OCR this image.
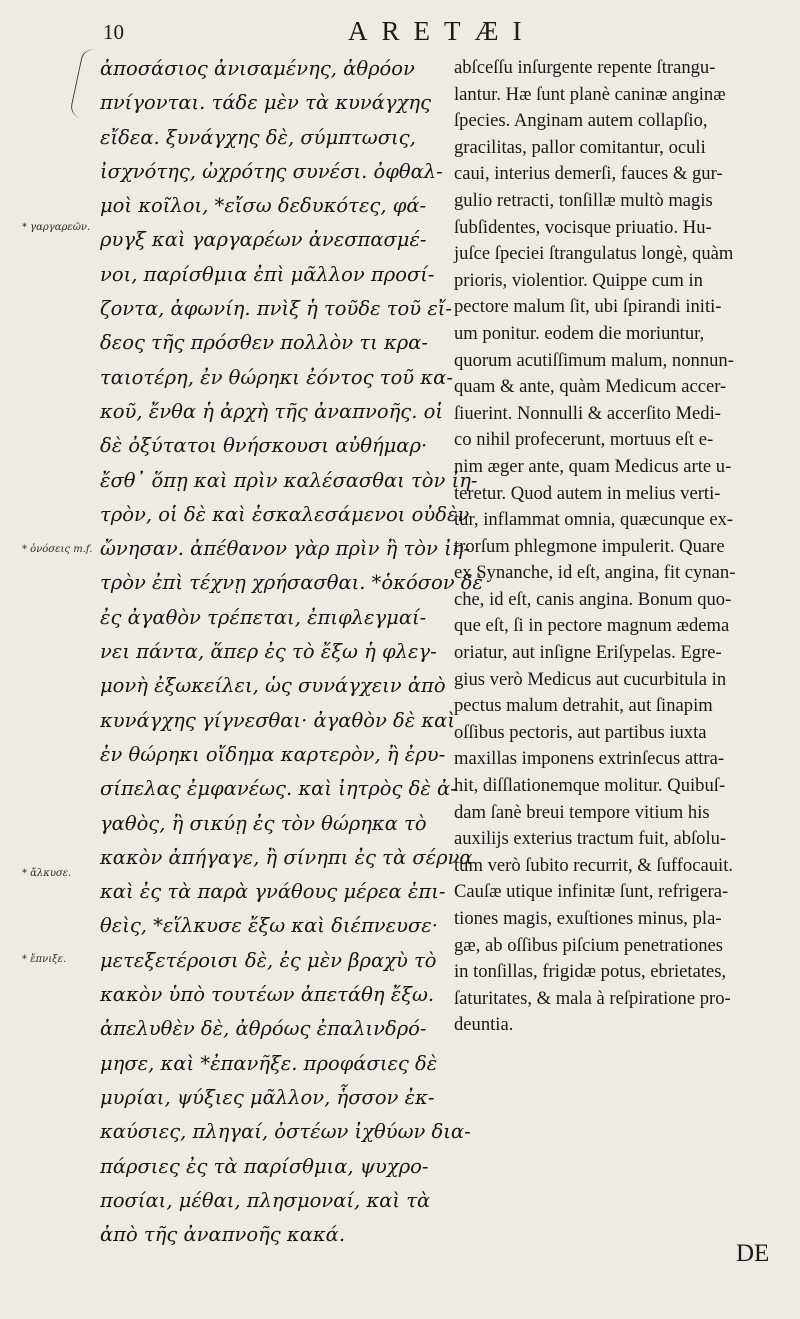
10	ARETÆI
* γαργαρεῶν.
* ὀνόσεις m.f.
* ἄλκυσε.
* ἔπνιξε.
ἀποσάσιος ἀνισαμένης, ἀθρόον
πνίγονται. τάδε μὲν τὰ κυνάγχης
εἴδεα. ξυνάγχης δὲ, σύμπτωσις,
ἰσχνότης, ὠχρότης συνέσι. ὀφθαλ-
μοὶ κοῖλοι, *εἴσω δεδυκότες, φά-
ρυγξ καὶ γαργαρέων ἀνεσπασμέ-
νοι, παρίσθμια ἐπὶ μᾶλλον προσί-
ζοντα, ἀφωνίη. πνὶξ ἡ τοῦδε τοῦ εἴ-
δεος τῆς πρόσθεν πολλὸν τι κρα-
ταιοτέρη, ἐν θώρηκι ἐόντος τοῦ κα-
κοῦ, ἔνθα ἡ ἀρχὴ τῆς ἀναπνοῆς. οἱ
δὲ ὀξύτατοι θνήσκουσι αὐθήμαρ·
ἔσθ᾽ ὅπῃ καὶ πρὶν καλέσασθαι τὸν ἰη-
τρὸν, οἱ δὲ καὶ ἐσκαλεσάμενοι οὐδὲν
ὤνησαν. ἀπέθανον γὰρ πρὶν ἢ τὸν ἰη-
τρὸν ἐπὶ τέχνῃ χρήσασθαι. *ὁκόσον δὲ
ἐς ἀγαθὸν τρέπεται, ἐπιφλεγμαί-
νει πάντα, ἅπερ ἐς τὸ ἔξω ἡ φλεγ-
μονὴ ἐξωκείλει, ὡς συνάγχειν ἀπὸ
κυνάγχης γίγνεσθαι· ἀγαθὸν δὲ καὶ
ἐν θώρηκι οἴδημα καρτερὸν, ἢ ἐρυ-
σίπελας ἐμφανέως. καὶ ἰητρὸς δὲ ἀ-
γαθὸς, ἢ σικύῃ ἐς τὸν θώρηκα τὸ
κακὸν ἀπήγαγε, ἢ σίνηπι ἐς τὰ σέρνα
καὶ ἐς τὰ παρὰ γνάθους μέρεα ἐπι-
θεὶς, *εἵλκυσε ἔξω καὶ διέπνευσε·
μετεξετέροισι δὲ, ἐς μὲν βραχὺ τὸ
κακὸν ὑπὸ τουτέων ἀπετάθη ἔξω.
ἀπελυθὲν δὲ, ἀθρόως ἐπαλινδρό-
μησε, καὶ *ἐπανῆξε. προφάσιες δὲ
μυρίαι, ψύξιες μᾶλλον, ἧσσον ἐκ-
καύσιες, πληγαί, ὀστέων ἰχθύων δια-
πάρσιες ἐς τὰ παρίσθμια, ψυχρο-
ποσίαι, μέθαι, πλησμοναί, καὶ τὰ
ἀπὸ τῆς ἀναπνοῆς κακά.
abſceſſu inſurgente repente ſtrangu-
lantur. Hæ ſunt planè caninæ anginæ
ſpecies. Anginam autem collapſio,
gracilitas, pallor comitantur, oculi
caui, interius demerſi, fauces & gur-
gulio retracti, tonſillæ multò magis
ſubſidentes, vocisque priuatio. Hu-
juſce ſpeciei ſtrangulatus longè, quàm
prioris, violentior. Quippe cum in
pectore malum ſit, ubi ſpirandi initi-
um ponitur. eodem die moriuntur,
quorum acutiſſimum malum, nonnun-
quam & ante, quàm Medicum accer-
ſiuerint. Nonnulli & accerſito Medi-
co nihil profecerunt, mortuus eſt e-
nim æger ante, quam Medicus arte u-
teretur. Quod autem in melius verti-
tur, inflammat omnia, quæcunque ex-
trorſum phlegmone impulerit. Quare
ex Synanche, id eſt, angina, fit cynan-
che, id eſt, canis angina. Bonum quo-
que eſt, ſi in pectore magnum ædema
oriatur, aut inſigne Eriſypelas. Egre-
gius verò Medicus aut cucurbitula in
pectus malum detrahit, aut ſinapim
oſſibus pectoris, aut partibus iuxta
maxillas imponens extrinſecus attra-
hit, diſſlationemque molitur. Quibuſ-
dam ſanè breui tempore vitium his
auxilijs exterius tractum fuit, abſolu-
tum verò ſubito recurrit, & ſuffocauit.
Cauſæ utique infinitæ ſunt, refrigera-
tiones magis, exuſtiones minus, pla-
gæ, ab oſſibus piſcium penetrationes
in tonſillas, frigidæ potus, ebrietates,
ſaturitates, & mala à reſpiratione pro-
deuntia.
DE
